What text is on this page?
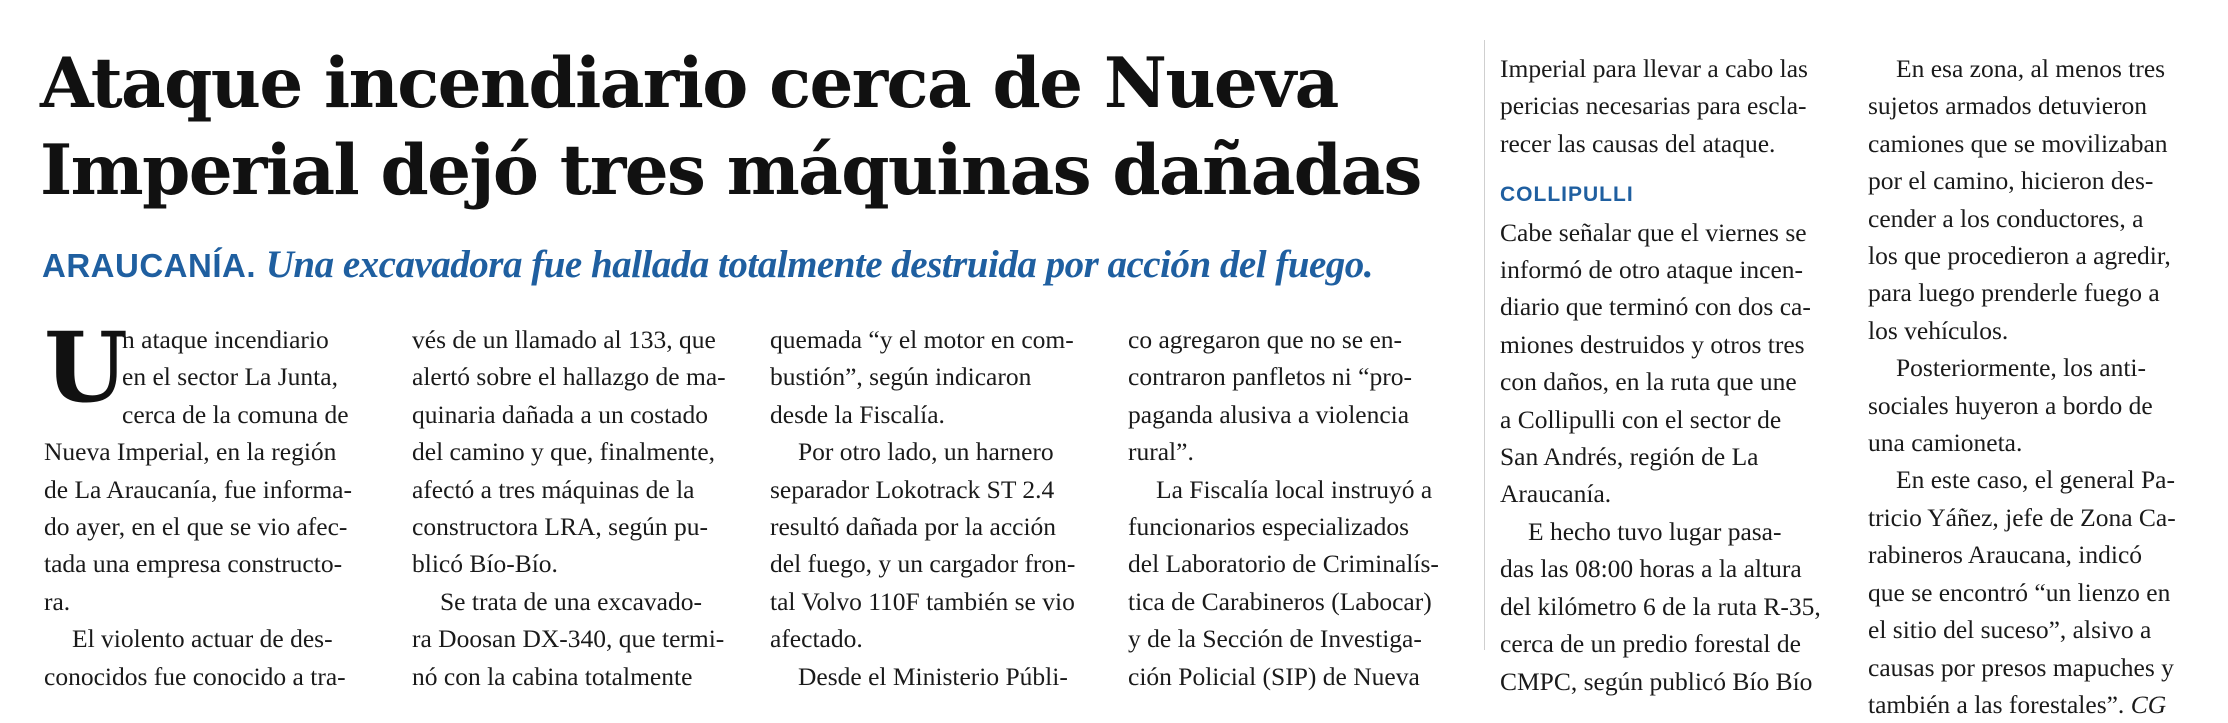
Ataque incendiario cerca de Nueva
Imperial dejó tres máquinas dañadas
ARAUCANÍA. Una excavadora fue hallada totalmente destruida por acción del fuego.
U
n ataque incendiario
en el sector La Junta,
cerca de la comuna de
Nueva Imperial, en la región
de La Araucanía, fue informa-
do ayer, en el que se vio afec-
tada una empresa constructo-
ra.
El violento actuar de des-
conocidos fue conocido a tra-
vés de un llamado al 133, que
alertó sobre el hallazgo de ma-
quinaria dañada a un costado
del camino y que, finalmente,
afectó a tres máquinas de la
constructora LRA, según pu-
blicó Bío-Bío.
Se trata de una excavado-
ra Doosan DX-340, que termi-
nó con la cabina totalmente
quemada “y el motor en com-
bustión”, según indicaron
desde la Fiscalía.
Por otro lado, un harnero
separador Lokotrack ST 2.4
resultó dañada por la acción
del fuego, y un cargador fron-
tal Volvo 110F también se vio
afectado.
Desde el Ministerio Públi-
co agregaron que no se en-
contraron panfletos ni “pro-
paganda alusiva a violencia
rural”.
La Fiscalía local instruyó a
funcionarios especializados
del Laboratorio de Criminalís-
tica de Carabineros (Labocar)
y de la Sección de Investiga-
ción Policial (SIP) de Nueva
Imperial para llevar a cabo las
pericias necesarias para escla-
recer las causas del ataque.
COLLIPULLI
Cabe señalar que el viernes se
informó de otro ataque incen-
diario que terminó con dos ca-
miones destruidos y otros tres
con daños, en la ruta que une
a Collipulli con el sector de
San Andrés, región de La
Araucanía.
E hecho tuvo lugar pasa-
das las 08:00 horas a la altura
del kilómetro 6 de la ruta R-35,
cerca de un predio forestal de
CMPC, según publicó Bío Bío
En esa zona, al menos tres
sujetos armados detuvieron
camiones que se movilizaban
por el camino, hicieron des-
cender a los conductores, a
los que procedieron a agredir,
para luego prenderle fuego a
los vehículos.
Posteriormente, los anti-
sociales huyeron a bordo de
una camioneta.
En este caso, el general Pa-
tricio Yáñez, jefe de Zona Ca-
rabineros Araucana, indicó
que se encontró “un lienzo en
el sitio del suceso”, alsivo a
causas por presos mapuches y
también a las forestales”. CG
